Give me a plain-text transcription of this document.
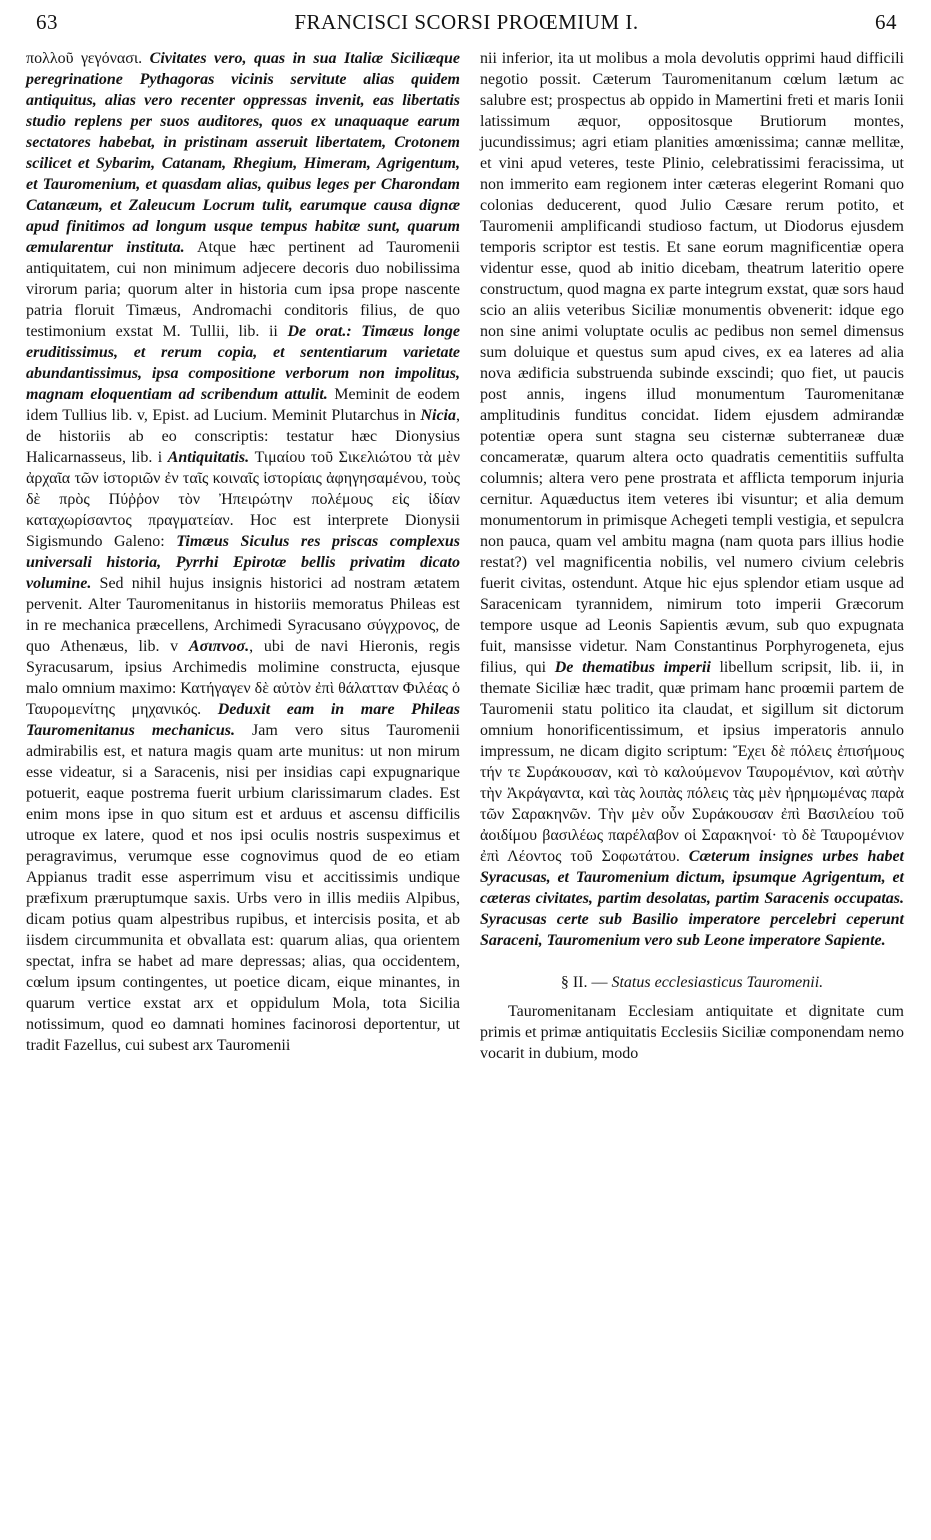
63	FRANCISCI SCORSI PROŒMIUM I.	64

πολλοῦ γεγόνασι. Civitates vero, quas in sua Italiæ Siciliæque peregrinatione Pythagoras vicinis servitute alias quidem antiquitus, alias vero recenter oppressas invenit, eas libertatis studio replens per suos auditores, quos ex unaquaque earum sectatores habebat, in pristinam asseruit libertatem, Crotonem scilicet et Sybarim, Catanam, Rhegium, Himeram, Agrigentum, et Tauromenium, et quasdam alias, quibus leges per Charondam Catanæum, et Zaleucum Locrum tulit, earumque causa dignæ apud finitimos ad longum usque tempus habitæ sunt, quarum æmularentur instituta. Atque hæc pertinent ad Tauromenii antiquitatem, cui non minimum adjecere decoris duo nobilissima virorum paria; quorum alter in historia cum ipsa prope nascente patria floruit Timæus, Andromachi conditoris filius, de quo testimonium exstat M. Tullii, lib. ii De orat.: Timæus longe eruditissimus, et rerum copia, et sententiarum varietate abundantissimus, ipsa compositione verborum non impolitus, magnam eloquentiam ad scribendum attulit. Meminit de eodem idem Tullius lib. v, Epist. ad Lucium. Meminit Plutarchus in Nicia, de historiis ab eo conscriptis: testatur hæc Dionysius Halicarnasseus, lib. i Antiquitatis. Τιμαίου τοῦ Σικελιώτου τὰ μὲν ἀρχαῖα τῶν ἱστοριῶν ἐν ταῖς κοιναῖς ἱστορίαις ἀφηγησαμένου, τοὺς δὲ πρὸς Πύῤῥον τὸν Ἠπειρώτην πολέμους εἰς ἰδίαν καταχωρίσαντος πραγματείαν. Hoc est interprete Dionysii Sigismundo Galeno: Timæus Siculus res priscas complexus universali historia, Pyrrhi Epirotæ bellis privatim dicato volumine. Sed nihil hujus insignis historici ad nostram ætatem pervenit. Alter Tauromenitanus in historiis memoratus Phileas est in re mechanica præcellens, Archimedi Syracusano σύγχρονος, de quo Athenæus, lib. v Ασιπνοσ., ubi de navi Hieronis, regis Syracusarum, ipsius Archimedis molimine constructa, ejusque malo omnium maximo: Κατήγαγεν δὲ αὐτὸν ἐπὶ θάλατταν Φιλέας ὁ Ταυρομενίτης μηχανικός. Deduxit eam in mare Phileas Tauromenitanus mechanicus. Jam vero situs Tauromenii admirabilis est, et natura magis quam arte munitus: ut non mirum esse videatur, si a Saracenis, nisi per insidias capi expugnarique potuerit, eaque postrema fuerit urbium clarissimarum clades. Est enim mons ipse in quo situm est et arduus et ascensu difficilis utroque ex latere, quod et nos ipsi oculis nostris suspeximus et peragravimus, verumque esse cognovimus quod de eo etiam Appianus tradit esse asperrimum visu et accitissimis undique præfixum præruptumque saxis. Urbs vero in illis mediis Alpibus, dicam potius quam alpestribus rupibus, et intercisis posita, et ab iisdem circummunita et obvallata est: quarum alias, qua orientem spectat, infra se habet ad mare depressas; alias, qua occidentem, cœlum ipsum contingentes, ut poetice dicam, eique minantes, in quarum vertice exstat arx et oppidulum Mola, tota Sicilia notissimum, quod eo damnati homines facinorosi deportentur, ut tradit Fazellus, cui subest arx Tauromenii

nii inferior, ita ut molibus a mola devolutis opprimi haud difficili negotio possit. Cæterum Tauromenitanum cœlum lætum ac salubre est; prospectus ab oppido in Mamertini freti et maris Ionii latissimum æquor, oppositosque Brutiorum montes, jucundissimus; agri etiam planities amœnissima; cannæ mellitæ, et vini apud veteres, teste Plinio, celebratissimi feracissima, ut non immerito eam regionem inter cæteras elegerint Romani quo colonias deducerent, quod Julio Cæsare rerum potito, et Tauromenii amplificandi studioso factum, ut Diodorus ejusdem temporis scriptor est testis. Et sane eorum magnificentiæ opera videntur esse, quod ab initio dicebam, theatrum lateritio opere constructum, quod magna ex parte integrum exstat, quæ sors haud scio an aliis veteribus Siciliæ monumentis obvenerit: idque ego non sine animi voluptate oculis ac pedibus non semel dimensus sum doluique et questus sum apud cives, ex ea lateres ad alia nova ædificia substruenda subinde exscindi; quo fiet, ut paucis post annis, ingens illud monumentum Tauromenitanæ amplitudinis funditus concidat. Iidem ejusdem admirandæ potentiæ opera sunt stagna seu cisternæ subterraneæ duæ concameratæ, quarum altera octo quadratis cementitiis suffulta columnis; altera vero pene prostrata et afflicta temporum injuria cernitur. Aquæductus item veteres ibi visuntur; et alia demum monumentorum in primisque Achegeti templi vestigia, et sepulcra non pauca, quam vel ambitu magna (nam quota pars illius hodie restat?) vel magnificentia nobilis, vel numero civium celebris fuerit civitas, ostendunt. Atque hic ejus splendor etiam usque ad Saracenicam tyrannidem, nimirum toto imperii Græcorum tempore usque ad Leonis Sapientis ævum, sub quo expugnata fuit, mansisse videtur. Nam Constantinus Porphyrogeneta, ejus filius, qui De thematibus imperii libellum scripsit, lib. ii, in themate Siciliæ hæc tradit, quæ primam hanc proœmii partem de Tauromenii statu politico ita claudat, et sigillum sit dictorum omnium honorificentissimum, et ipsius imperatoris annulo impressum, ne dicam digito scriptum: Ἔχει δὲ πόλεις ἐπισήμους τήν τε Συράκουσαν, καὶ τὸ καλούμενον Ταυρομένιον, καὶ αὐτὴν τὴν Ἀκράγαντα, καὶ τὰς λοιπὰς πόλεις τὰς μὲν ἠρημωμένας παρὰ τῶν Σαρακηνῶν. Τὴν μὲν οὖν Συράκουσαν ἐπὶ Βασιλείου τοῦ ἀοιδίμου βασιλέως παρέλαβον οἱ Σαρακηνοί· τὸ δὲ Ταυρομένιον ἐπὶ Λέοντος τοῦ Σοφωτάτου. Cæterum insignes urbes habet Syracusas, et Tauromenium dictum, ipsumque Agrigentum, et cæteras civitates, partim desolatas, partim Saracenis occupatas. Syracusas certe sub Basilio imperatore percelebri ceperunt Saraceni, Tauromenium vero sub Leone imperatore Sapiente.

§ II. — Status ecclesiasticus Tauromenii.

Tauromenitanam Ecclesiam antiquitate et dignitate cum primis et primæ antiquitatis Ecclesiis Siciliæ componendam nemo vocarit in dubium, modo
